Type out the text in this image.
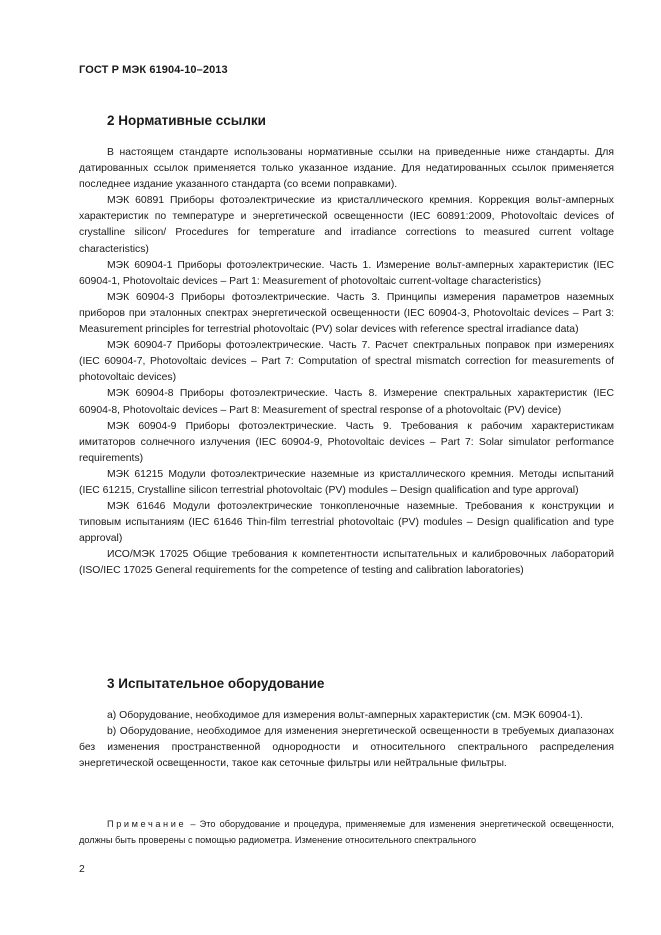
ГОСТ Р МЭК 61904-10–2013
2 Нормативные ссылки

В настоящем стандарте использованы нормативные ссылки на приведенные ниже стандарты. Для датированных ссылок применяется только указанное издание. Для недатированных ссылок применяется последнее издание указанного стандарта (со всеми поправками).

МЭК 60891 Приборы фотоэлектрические из кристаллического кремния. Коррекция вольт-амперных характеристик по температуре и энергетической освещенности (IEC 60891:2009, Photovoltaic devices of crystalline silicon/ Procedures for temperature and irradiance corrections to measured current voltage characteristics)

МЭК 60904-1 Приборы фотоэлектрические. Часть 1. Измерение вольт-амперных характеристик (IEC 60904-1, Photovoltaic devices – Part 1: Measurement of photovoltaic current-voltage characteristics)

МЭК 60904-3 Приборы фотоэлектрические. Часть 3. Принципы измерения параметров наземных приборов при эталонных спектрах энергетической освещенности (IEC 60904-3, Photovoltaic devices – Part 3: Measurement principles for terrestrial photovoltaic (PV) solar devices with reference spectral irradiance data)

МЭК 60904-7 Приборы фотоэлектрические. Часть 7. Расчет спектральных поправок при измерениях (IEC 60904-7, Photovoltaic devices – Part 7: Computation of spectral mismatch correction for measurements of photovoltaic devices)

МЭК 60904-8 Приборы фотоэлектрические. Часть 8. Измерение спектральных характеристик (IEC 60904-8, Photovoltaic devices – Part 8: Measurement of spectral response of a photovoltaic (PV) device)

МЭК 60904-9 Приборы фотоэлектрические. Часть 9. Требования к рабочим характеристикам имитаторов солнечного излучения (IEC 60904-9, Photovoltaic devices – Part 7: Solar simulator performance requirements)

МЭК 61215 Модули фотоэлектрические наземные из кристаллического кремния. Методы испытаний (IEC 61215, Crystalline silicon terrestrial photovoltaic (PV) modules – Design qualification and type approval)

МЭК 61646 Модули фотоэлектрические тонкопленочные наземные. Требования к конструкции и типовым испытаниям (IEC 61646 Thin-film terrestrial photovoltaic (PV) modules – Design qualification and type approval)

ИСО/МЭК 17025 Общие требования к компетентности испытательных и калибровочных лабораторий (ISO/IEC 17025 General requirements for the competence of testing and calibration laboratories)

3 Испытательное оборудование

а) Оборудование, необходимое для измерения вольт-амперных характеристик (см. МЭК 60904-1).

b) Оборудование, необходимое для изменения энергетической освещенности в требуемых диапазонах без изменения пространственной однородности и относительного спектрального распределения энергетической освещенности, такое как сеточные фильтры или нейтральные фильтры.

Примечание – Это оборудование и процедура, применяемые для изменения энергетической освещенности, должны быть проверены с помощью радиометра. Изменение относительного спектрального

2
